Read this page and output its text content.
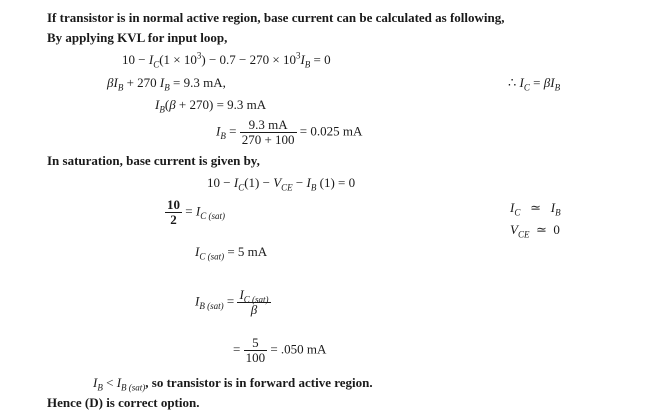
If transistor is in normal active region, base current can be calculated as following,
By applying KVL for input loop,
$10 - I_C(1 \times 10^3) - 0.7 - 270 \times 10^3I_B = 0$
$\beta I_B + 270$ $I_B = 9.3$ mA,	∴ $I_C = \beta I_B$
$I_B(\beta + 270) = 9.3$ mA
$I_B = \frac{9.3 mA}{270 + 100} = 0.025$ mA
In saturation, base current is given by,
$10 - I_C(1) - V_{CE} - I_B$ (1) = 0
$\frac{10}{2} = I_{C (sat)}$
$I_C$ ≃ $I_B$
$V_{CE}$ ≃ 0
$I_{C (sat)} = 5$ mA
$I_{B (sat)} = \frac{I_{C (sat)}}{\beta}$
= $\frac{5}{100} = .050$ mA
$I_B < I_{B (sat)}$, so transistor is in forward active region.
Hence (D) is correct option.
